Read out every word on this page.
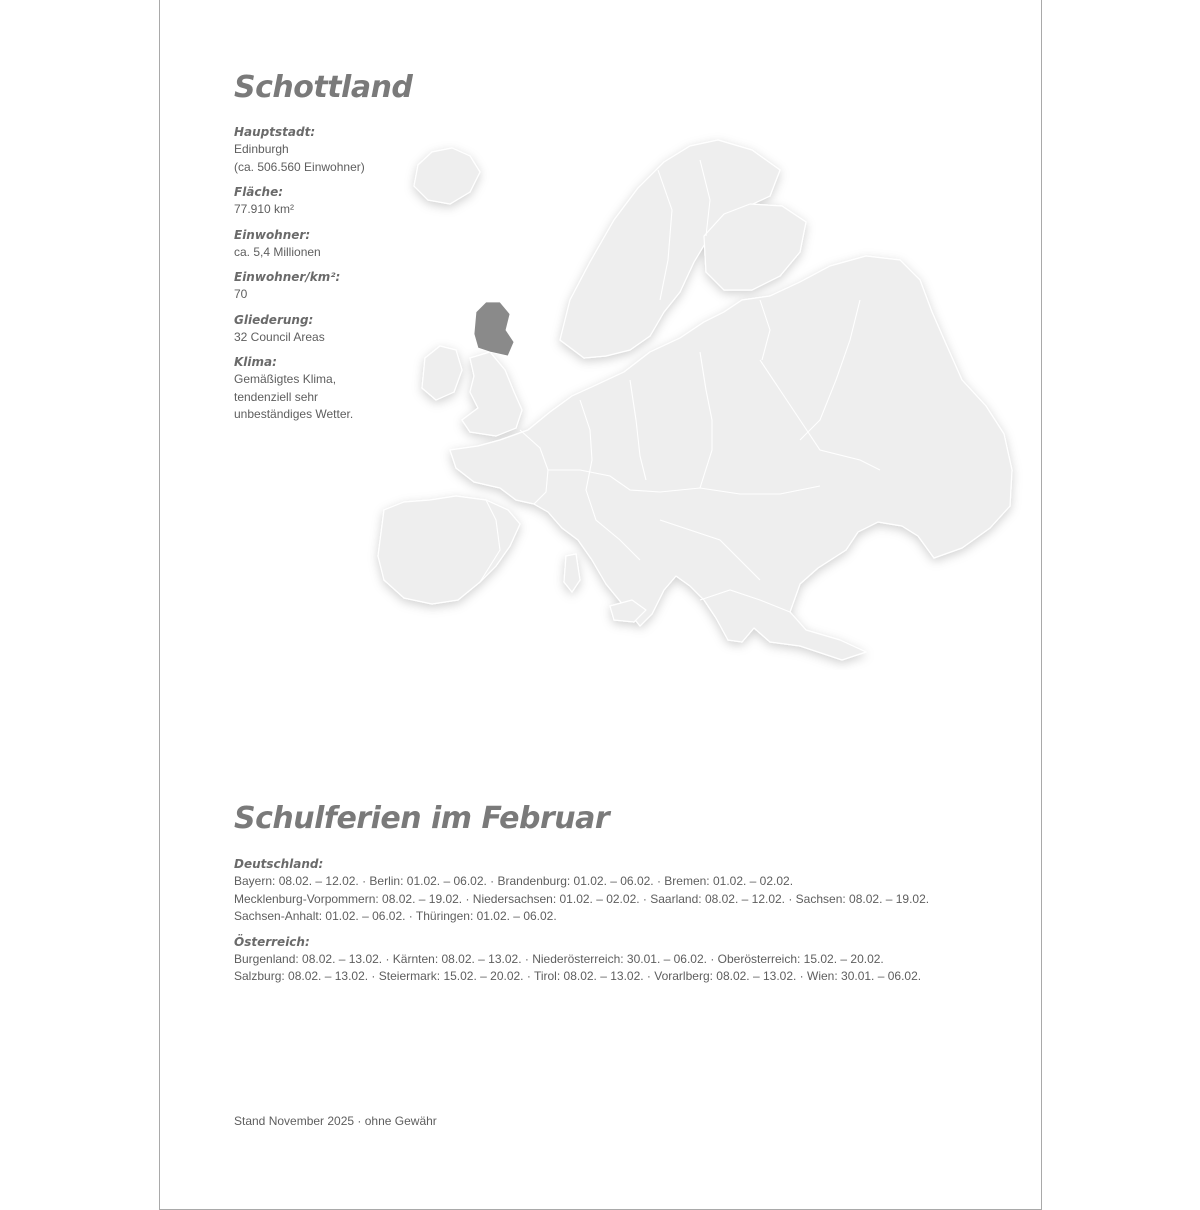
Schottland
Hauptstadt:
Edinburgh
(ca. 506.560 Einwohner)
Fläche:
77.910 km²
Einwohner:
ca. 5,4 Millionen
Einwohner/km²:
70
Gliederung:
32 Council Areas
Klima:
Gemäßigtes Klima,
tendenziell sehr
unbeständiges Wetter.
Schulferien im Februar
Deutschland:
Bayern: 08.02. – 12.02. · Berlin: 01.02. – 06.02. · Brandenburg: 01.02. – 06.02. · Bremen: 01.02. – 02.02.
Mecklenburg-Vorpommern: 08.02. – 19.02. · Niedersachsen: 01.02. – 02.02. · Saarland: 08.02. – 12.02. · Sachsen: 08.02. – 19.02.
Sachsen-Anhalt: 01.02. – 06.02. · Thüringen: 01.02. – 06.02.
Österreich:
Burgenland: 08.02. – 13.02. · Kärnten: 08.02. – 13.02. · Niederösterreich: 30.01. – 06.02. · Oberösterreich: 15.02. – 20.02.
Salzburg: 08.02. – 13.02. · Steiermark: 15.02. – 20.02. · Tirol: 08.02. – 13.02. · Vorarlberg: 08.02. – 13.02. · Wien: 30.01. – 06.02.
Stand November 2025 · ohne Gewähr
